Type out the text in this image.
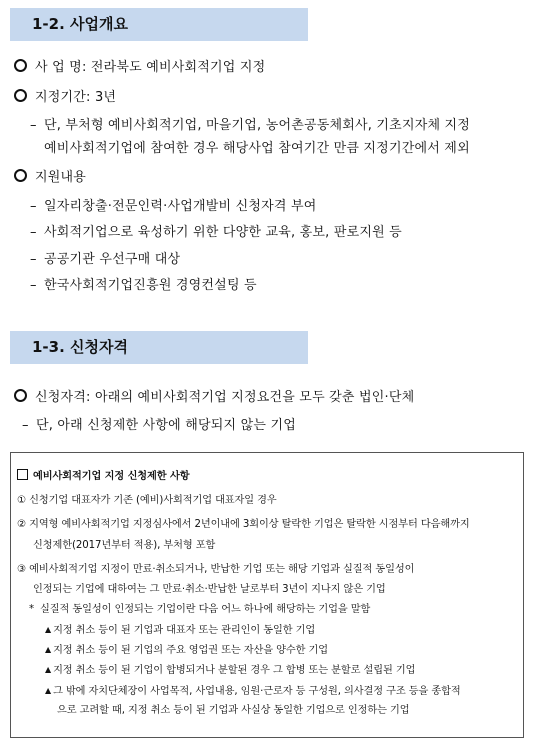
1-2. 사업개요
사 업 명: 전라북도 예비사회적기업 지정
지정기간: 3년
– 단, 부처형 예비사회적기업, 마을기업, 농어촌공동체회사, 기초지자체 지정
예비사회적기업에 참여한 경우 해당사업 참여기간 만큼 지정기간에서 제외
지원내용
– 일자리창출·전문인력·사업개발비 신청자격 부여
– 사회적기업으로 육성하기 위한 다양한 교육, 홍보, 판로지원 등
– 공공기관 우선구매 대상
– 한국사회적기업진흥원 경영컨설팅 등
1-3. 신청자격
신청자격: 아래의 예비사회적기업 지정요건을 모두 갖춘 법인·단체
– 단, 아래 신청제한 사항에 해당되지 않는 기업
예비사회적기업 지정 신청제한 사항
① 신청기업 대표자가 기존 (예비)사회적기업 대표자일 경우
② 지역형 예비사회적기업 지정심사에서 2년이내에 3회이상 탈락한 기업은 탈락한 시점부터 다음해까지
신청제한(2017년부터 적용), 부처형 포함
③ 예비사회적기업 지정이 만료·취소되거나, 반납한 기업 또는 해당 기업과 실질적 동일성이
인정되는 기업에 대하여는 그 만료·취소·반납한 날로부터 3년이 지나지 않은 기업
* 실질적 동일성이 인정되는 기업이란 다음 어느 하나에 해당하는 기업을 말함
▲ 지정 취소 등이 된 기업과 대표자 또는 관리인이 동일한 기업
▲ 지정 취소 등이 된 기업의 주요 영업권 또는 자산을 양수한 기업
▲ 지정 취소 등이 된 기업이 합병되거나 분할된 경우 그 합병 또는 분할로 설립된 기업
▲ 그 밖에 자치단체장이 사업목적, 사업내용, 임원·근로자 등 구성원, 의사결정 구조 등을 종합적
으로 고려할 때, 지정 취소 등이 된 기업과 사실상 동일한 기업으로 인정하는 기업
